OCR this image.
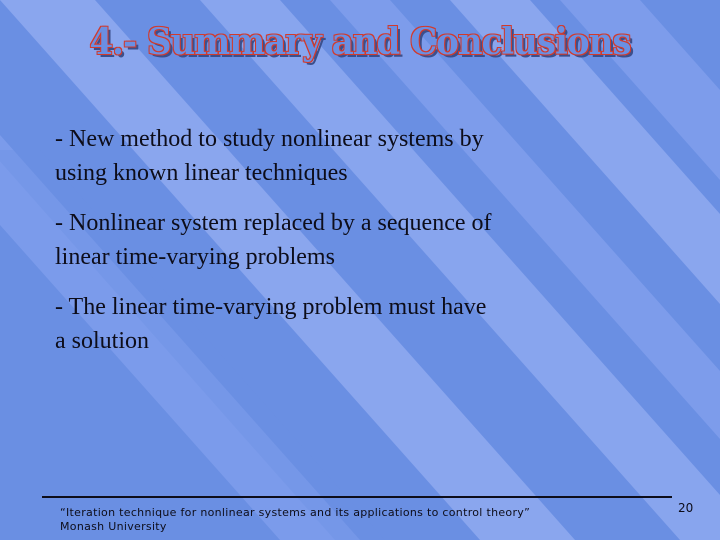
4.- Summary and Conclusions
- New method to study nonlinear systems by
using known linear techniques
- Nonlinear system replaced by a sequence of
linear time-varying problems
- The linear time-varying problem must have
a solution
“Iteration technique for nonlinear systems and its applications to control theory”
Monash University
20
